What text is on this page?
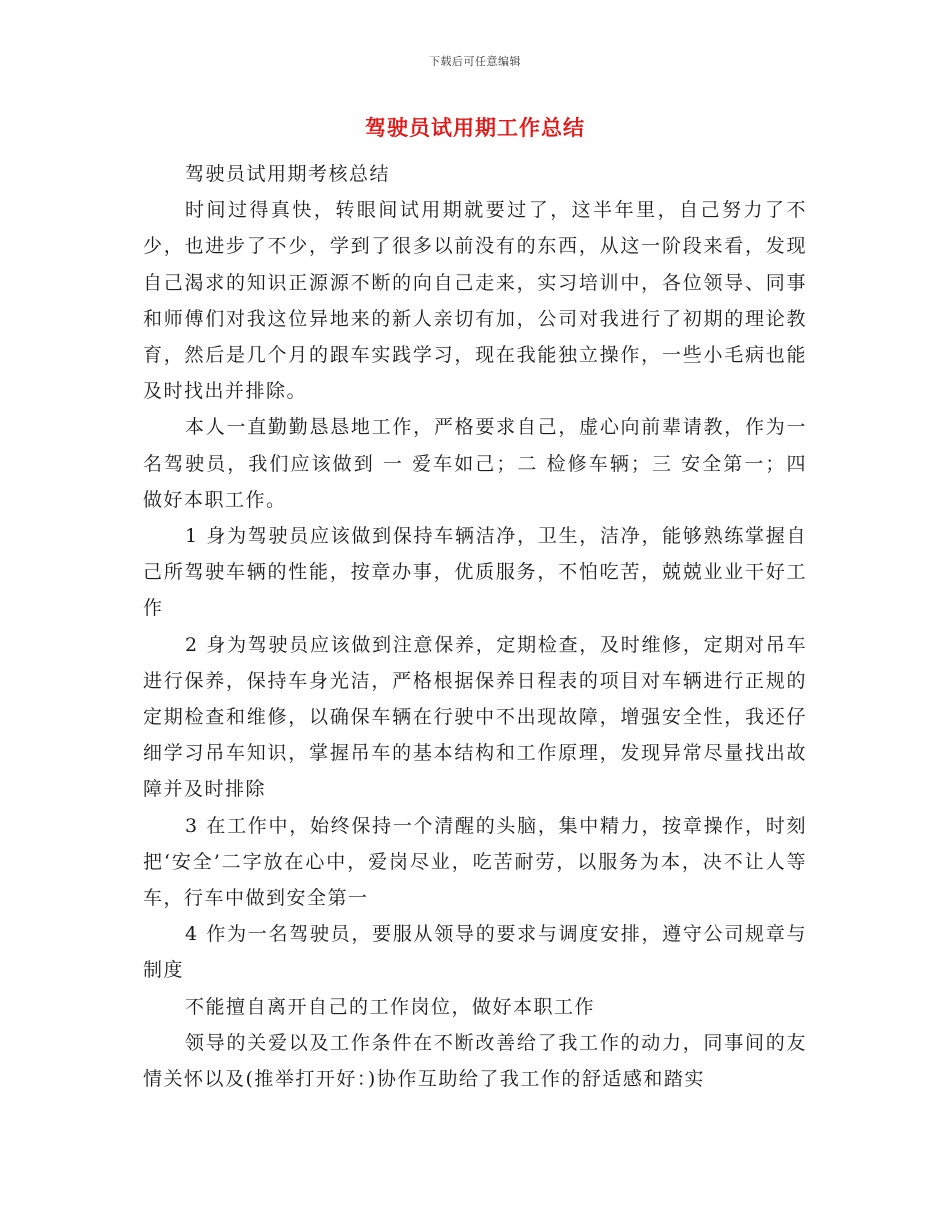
下载后可任意编辑
驾驶员试用期工作总结

驾驶员试用期考核总结

时间过得真快，转眼间试用期就要过了，这半年里，自己努力了不少，也进步了不少，学到了很多以前没有的东西，从这一阶段来看，发现自己渴求的知识正源源不断的向自己走来，实习培训中，各位领导、同事和师傅们对我这位异地来的新人亲切有加，公司对我进行了初期的理论教育，然后是几个月的跟车实践学习，现在我能独立操作，一些小毛病也能及时找出并排除。

本人一直勤勤恳恳地工作，严格要求自己，虚心向前辈请教，作为一名驾驶员，我们应该做到 一 爱车如己；二 检修车辆；三 安全第一；四 做好本职工作。

1 身为驾驶员应该做到保持车辆洁净，卫生，洁净，能够熟练掌握自己所驾驶车辆的性能，按章办事，优质服务，不怕吃苦，兢兢业业干好工作

2 身为驾驶员应该做到注意保养，定期检查，及时维修，定期对吊车进行保养，保持车身光洁，严格根据保养日程表的项目对车辆进行正规的定期检查和维修，以确保车辆在行驶中不出现故障，增强安全性，我还仔细学习吊车知识，掌握吊车的基本结构和工作原理，发现异常尽量找出故障并及时排除

3 在工作中，始终保持一个清醒的头脑，集中精力，按章操作，时刻把‘安全’二字放在心中，爱岗尽业，吃苦耐劳，以服务为本，决不让人等车，行车中做到安全第一

4 作为一名驾驶员，要服从领导的要求与调度安排，遵守公司规章与制度

不能擅自离开自己的工作岗位，做好本职工作

领导的关爱以及工作条件在不断改善给了我工作的动力，同事间的友情关怀以及(推举打开好：)协作互助给了我工作的舒适感和踏实
